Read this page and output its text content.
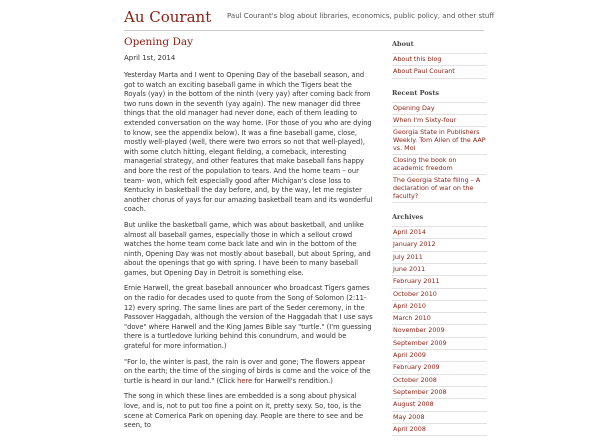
Au Courant Paul Courant's blog about libraries, economics, public policy, and other stuff
Opening Day
April 1st, 2014

Yesterday Marta and I went to Opening Day of the baseball season, and got to watch an exciting baseball game in which the Tigers beat the Royals (yay) in the bottom of the ninth (very yay) after coming back from two runs down in the seventh (yay again). The new manager did three things that the old manager had never done, each of them leading to extended conversation on the way home. (For those of you who are dying to know, see the appendix below). It was a fine baseball game, close, mostly well-played (well, there were two errors so not that well-played), with some clutch hitting, elegant fielding, a comeback, interesting managerial strategy, and other features that make baseball fans happy and bore the rest of the population to tears. And the home team – our team– won, which felt especially good after Michigan's close loss to Kentucky in basketball the day before, and, by the way, let me register another chorus of yays for our amazing basketball team and its wonderful coach.

But unlike the basketball game, which was about basketball, and unlike almost all baseball games, especially those in which a sellout crowd watches the home team come back late and win in the bottom of the ninth, Opening Day was not mostly about baseball, but about Spring, and about the openings that go with spring. I have been to many baseball games, but Opening Day in Detroit is something else.

Ernie Harwell, the great baseball announcer who broadcast Tigers games on the radio for decades used to quote from the Song of Solomon (2:11-12) every spring. The same lines are part of the Seder ceremony, in the Passover Haggadah, although the version of the Haggadah that I use says "dove" where Harwell and the King James Bible say "turtle." (I'm guessing there is a turtledove lurking behind this conundrum, and would be grateful for more information.)

"For lo, the winter is past, the rain is over and gone; The flowers appear on the earth; the time of the singing of birds is come and the voice of the turtle is heard in our land." (Click here for Harwell's rendition.)

The song in which these lines are embedded is a song about physical love, and is, not to put too fine a point on it, pretty sexy. So, too, is the scene at Comerica Park on opening day. People are there to see and be seen, to

About
About this blog
About Paul Courant
Recent Posts
Opening Day
When I'm Sixty-four
Georgia State in Publishers Weekly. Tom Allen of the AAP vs. Moi
Closing the book on academic freedom
The Georgia State filing – A declaration of war on the faculty?
Archives
April 2014
January 2012
July 2011
June 2011
February 2011
October 2010
April 2010
March 2010
November 2009
September 2009
April 2009
February 2009
October 2008
September 2008
August 2008
May 2008
April 2008
